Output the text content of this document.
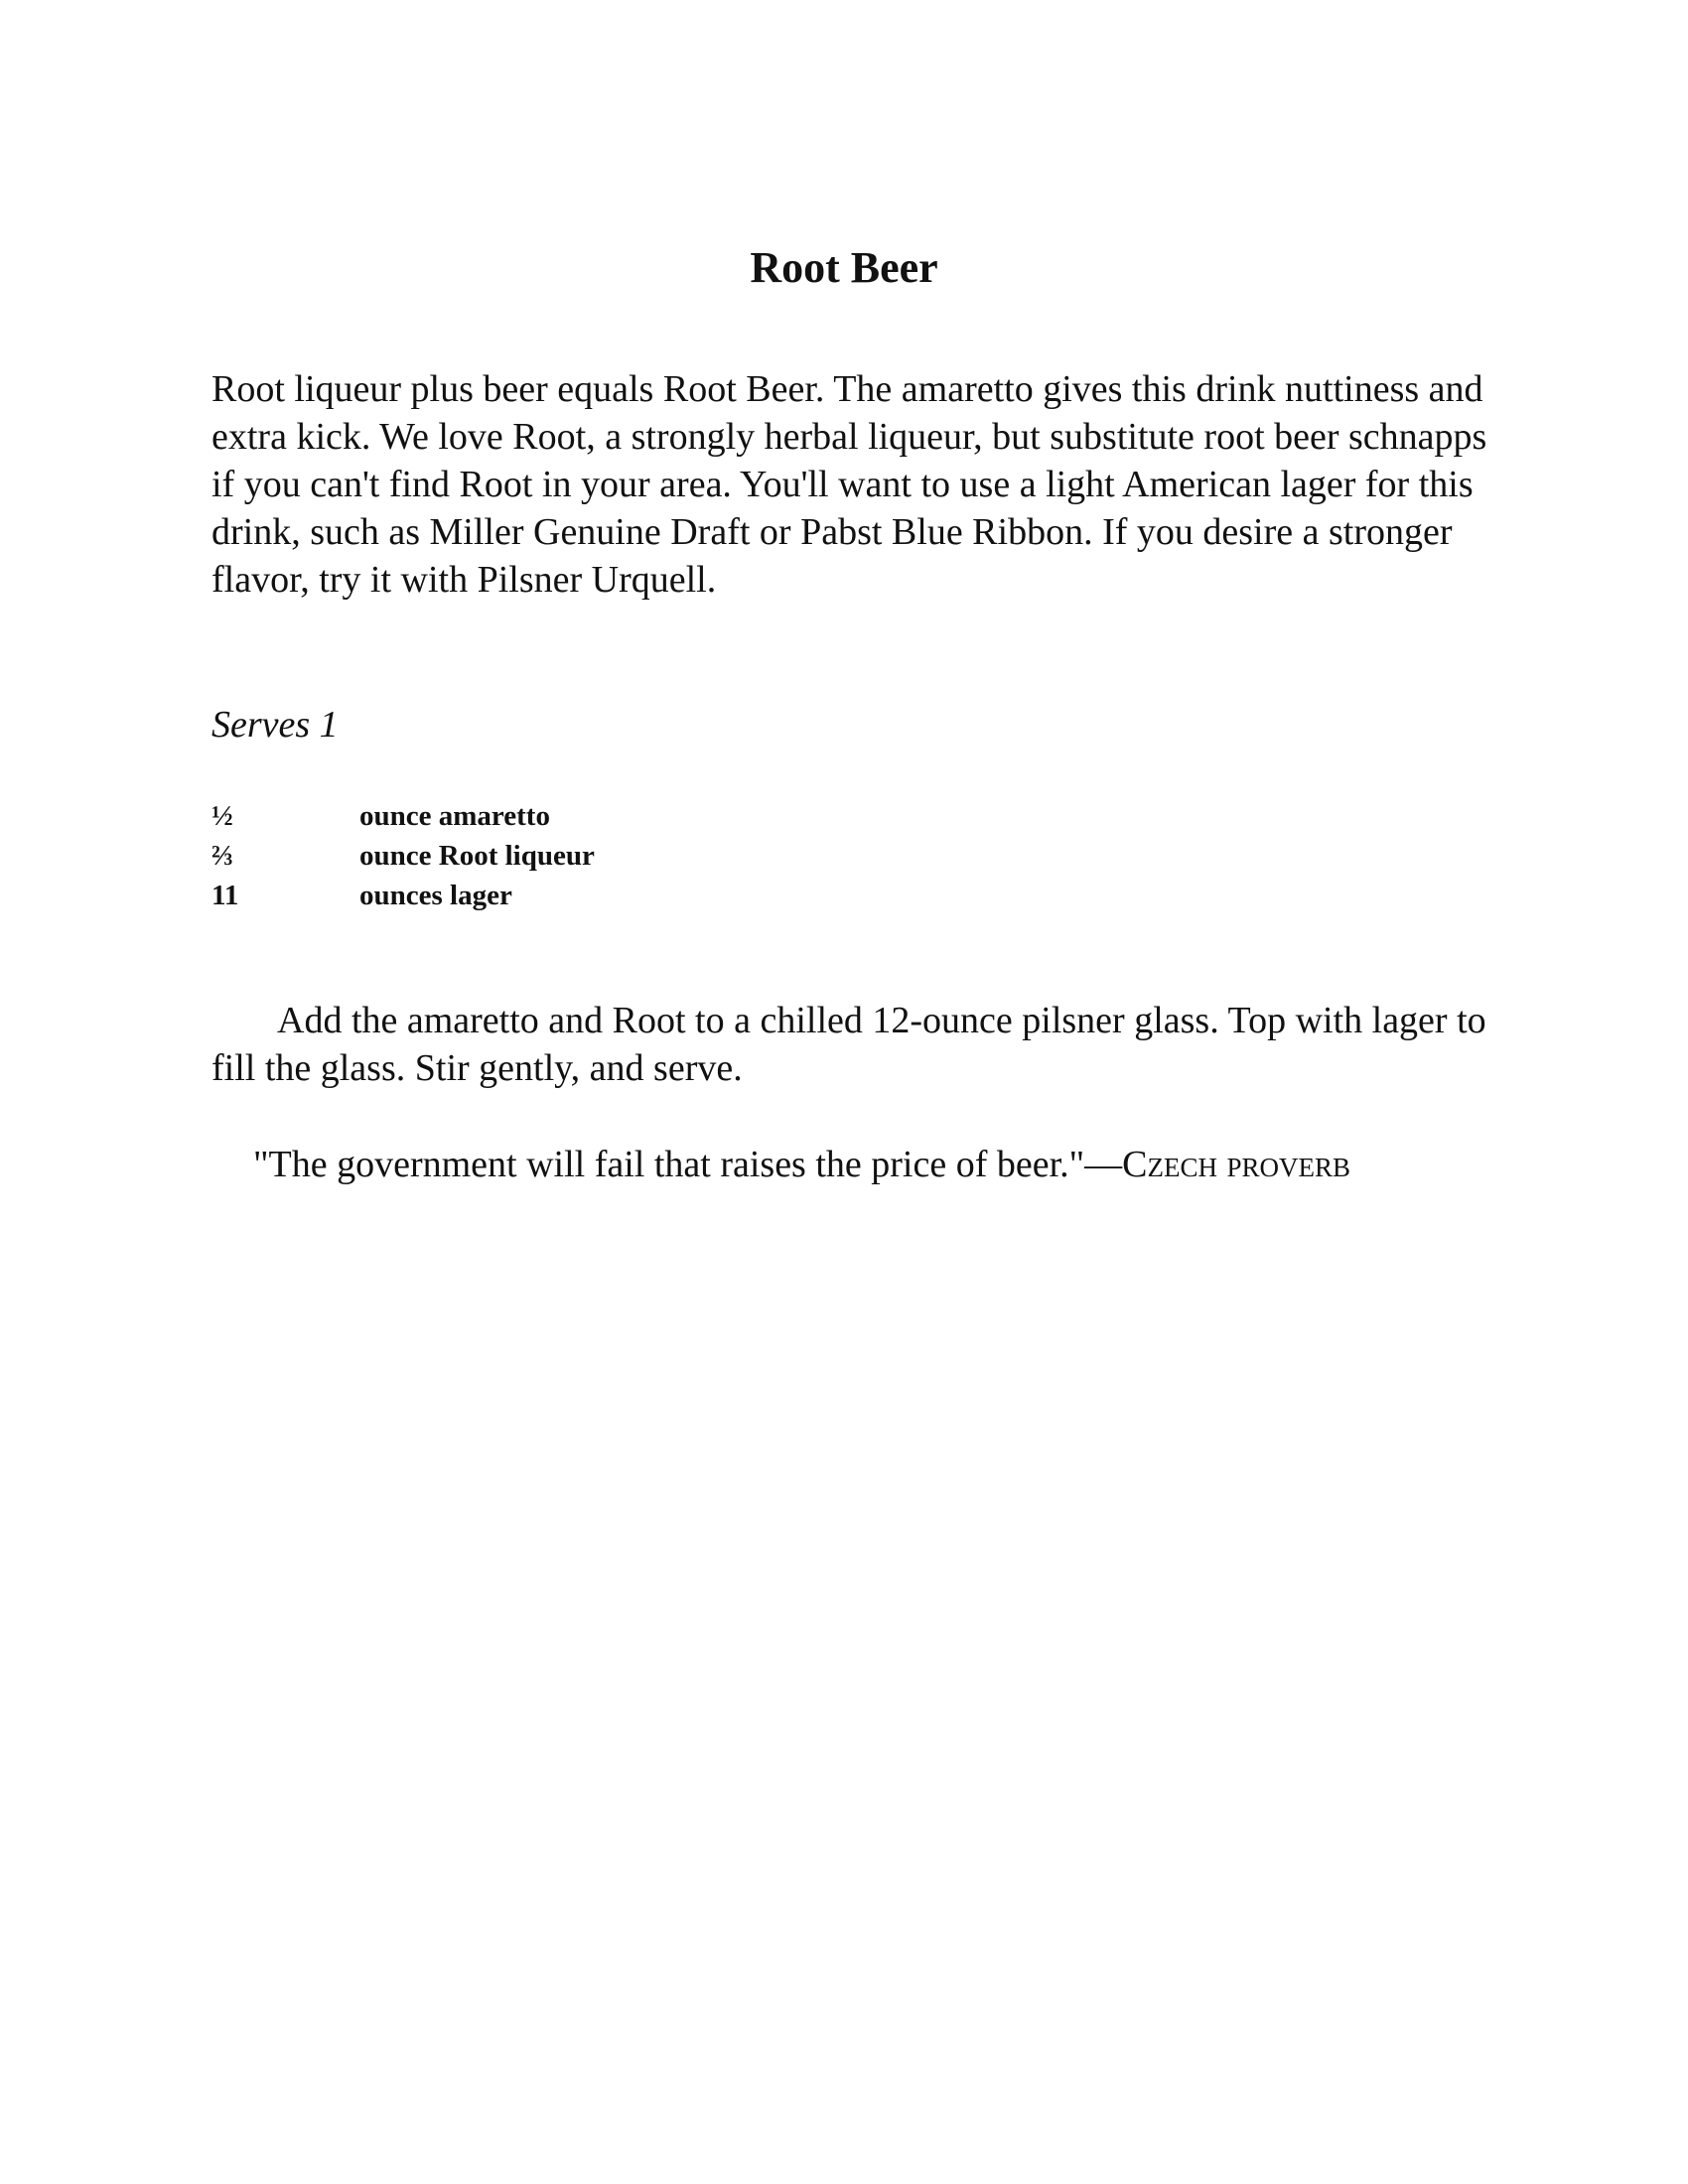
Root Beer

Root liqueur plus beer equals Root Beer. The amaretto gives this drink nuttiness and extra kick. We love Root, a strongly herbal liqueur, but substitute root beer schnapps if you can't find Root in your area. You'll want to use a light American lager for this drink, such as Miller Genuine Draft or Pabst Blue Ribbon. If you desire a stronger flavor, try it with Pilsner Urquell.

Serves 1

½	ounce amaretto
⅔	ounce Root liqueur
11	ounces lager

Add the amaretto and Root to a chilled 12-ounce pilsner glass. Top with lager to fill the glass. Stir gently, and serve.

"The government will fail that raises the price of beer."—Czech proverb
